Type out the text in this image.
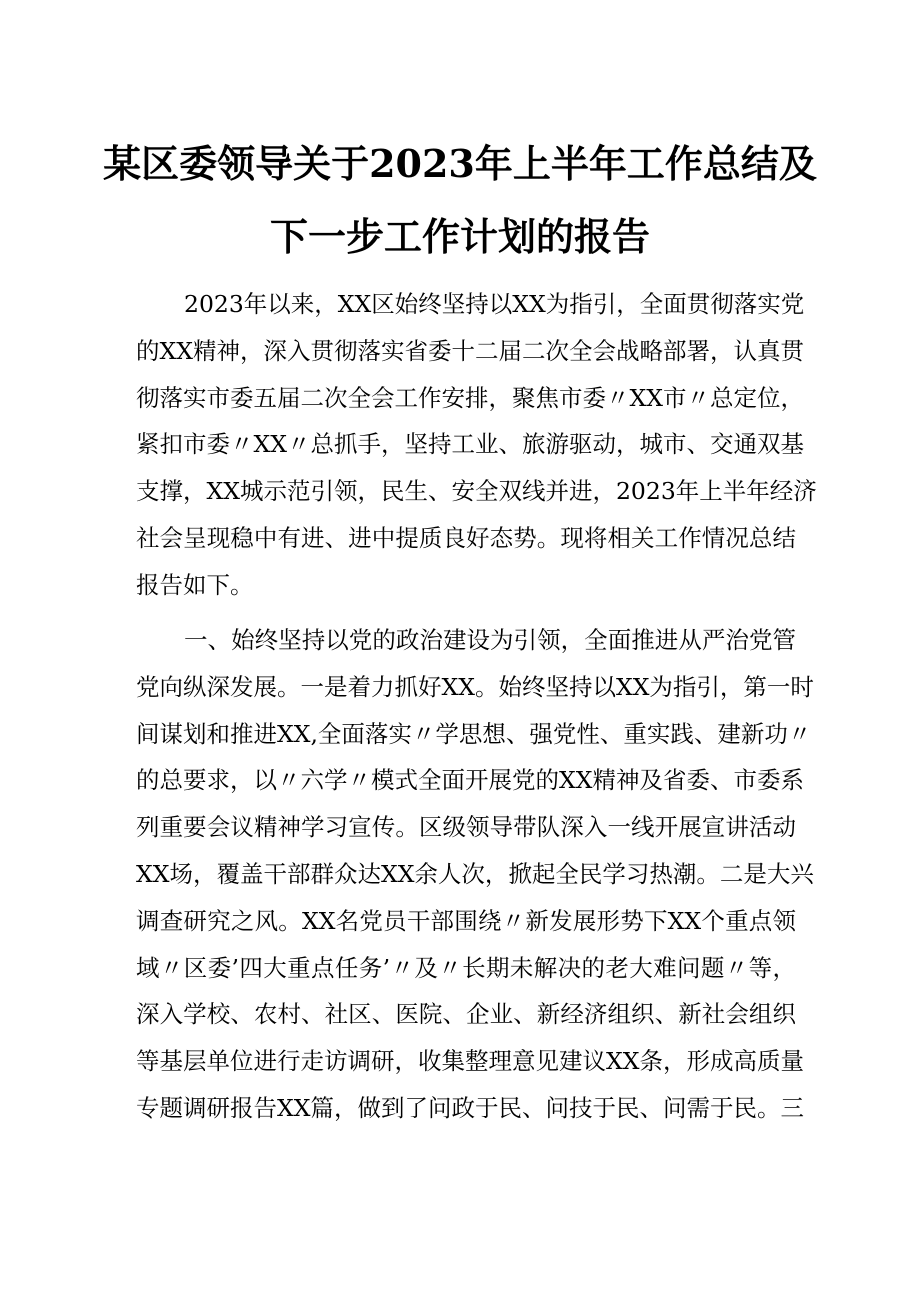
某区委领导关于2023年上半年工作总结及
下一步工作计划的报告
2023年以来，XX区始终坚持以XX为指引，全面贯彻落实党
的XX精神，深入贯彻落实省委十二届二次全会战略部署，认真贯
彻落实市委五届二次全会工作安排，聚焦市委〃XX市〃总定位，
紧扣市委〃XX〃总抓手，坚持工业、旅游驱动，城市、交通双基
支撑，XX城示范引领，民生、安全双线并进，2023年上半年经济
社会呈现稳中有进、进中提质良好态势。现将相关工作情况总结
报告如下。
一、始终坚持以党的政治建设为引领，全面推进从严治党管
党向纵深发展。一是着力抓好XX。始终坚持以XX为指引，第一时
间谋划和推进XX,全面落实〃学思想、强党性、重实践、建新功〃
的总要求，以〃六学〃模式全面开展党的XX精神及省委、市委系
列重要会议精神学习宣传。区级领导带队深入一线开展宣讲活动
XX场，覆盖干部群众达XX余人次，掀起全民学习热潮。二是大兴
调查研究之风。XX名党员干部围绕〃新发展形势下XX个重点领
域〃区委’四大重点任务’〃及〃长期未解决的老大难问题〃等，
深入学校、农村、社区、医院、企业、新经济组织、新社会组织
等基层单位进行走访调研，收集整理意见建议XX条，形成高质量
专题调研报告XX篇，做到了问政于民、问技于民、问需于民。三
